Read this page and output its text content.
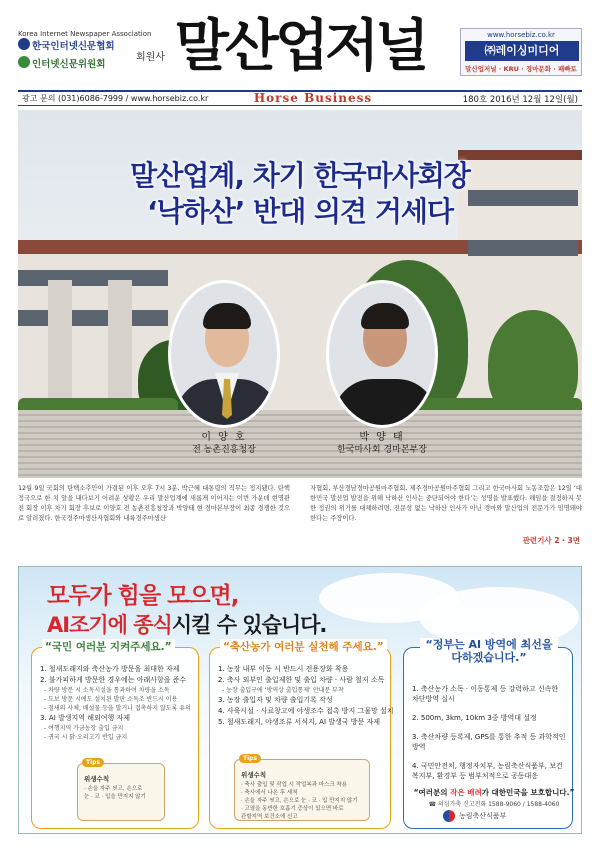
Korea Internet Newspaper Association
한국인터넷신문협회
인터넷신문위원회
회원사 말산업저널	www.horsebiz.co.kr
㈜레이싱미디어
말산업저널 · KRU · 경마문화 · 패빠토
광고 문의 (031)6086-7999 / www.horsebiz.co.kr	Horse Business	180호 2016년 12월 12일(월)
말산업계, 차기 한국마사회장
‘낙하산’ 반대 의견 거세다
이 양 호
전 농촌진흥청장
박 양 태
한국마사회 경마본부장
12월 9일 국회의 탄핵소추안이 가결된 이후 오후 7시 3분, 박근혜 대통령의 직무는 정지됐다. 탄핵 정국으로 한 치 앞을 내다보기 어려운 상황은 우리 말산업계에 새롭게 이어지는 이번 가운데 현명관 전 회장 이후 차기 회장 후보로 이양호 전 농촌진흥청장과 박양태 현 경마본부장이 최종 경쟁한 것으로 알려졌다. 한국경주마생산자협회와 내륙경주마생산
자협회, 부산경남경마공원마주협회, 제주경마공원마주협회 그리고 한국마사회 노동조합은 12일 ‘대한민국 말산업 발전을 위해 낙하산 인사는 중단되어야 한다’는 성명을 발표했다. 해임을 결정하지 못한 정권의 위기를 대체하려면, 전문성 없는 낙하산 인사가 아닌 경마와 말산업의 전문가가 임명돼야 한다는 주장이다.
관련기사 2 · 3면
모두가 힘을 모으면,
AI조기에 종식시킬 수 있습니다.
“국민 여러분 지켜주세요.”
1. 철새도래지와 축산농가 방문을 최대한 자제
2. 불가피하게 방문한 경우에는 아래사항을 준수
- 차량 방문 시 소독시설을 통과하여 차량을 소독
- 도보 방문 시에도 설치된 발판 소독조 반드시 이용
- 철새의 사체, 배설물 등을 발거나 접촉하지 않도록 유의
3. AI 발생지역 해외여행 자제
- 여행지역 가금농장 출입 금지
- 귀국 시 닭·오리고기 반입 금지
Tips
위생수칙
· 손을 자주 씻고, 손으로
눈 · 코 · 입을 만지지 않기
“축산농가 여러분 실천해 주세요.”
1. 농장 내부 이동 시 반드시 전용장화 착용
2. 축사 외부인 출입제한 및 출입 차량 · 사람 철저 소독
- 농장 출입구에 ‘방역상 출입통제’ 안내문 부착
3. 농장 출입자 및 차량 출입기록 작성
4. 사육시설 · 사료창고에 야생조수 접촉 방지 그물망 설치
5. 철새도래지, 야생조류 서식지, AI 발생국 방문 자제
Tips
위생수칙
· 축사 출입 및 작업 시 작업복과 마스크 착용
· 축사에서 나온 후 세척
· 손을 자주 씻고, 손으로 눈 · 코 · 입 만지지 않기
· 고열을 동반한 호흡기 증상이 있으면 바로
관할지역 보건소에 신고
“정부는 AI 방역에 최선을 다하겠습니다.”
1. 축산농가 소독 · 이동통제 등 강력하고 신속한 차단방역 실시
2. 500m, 3km, 10km 3중 방역대 설정
3. 축산차량 등록제, GPS를 통한 추적 등 과학적인 방역
4. 국민안전처, 행정자치부, 농림축산식품부, 보건복지부, 환경부 등 범부처적으로 공동대응
“여러분의 작은 배려가 대한민국을 보호합니다.”
☎ 의심가축 신고전화 1588-9060 / 1588-4060
농림축산식품부
